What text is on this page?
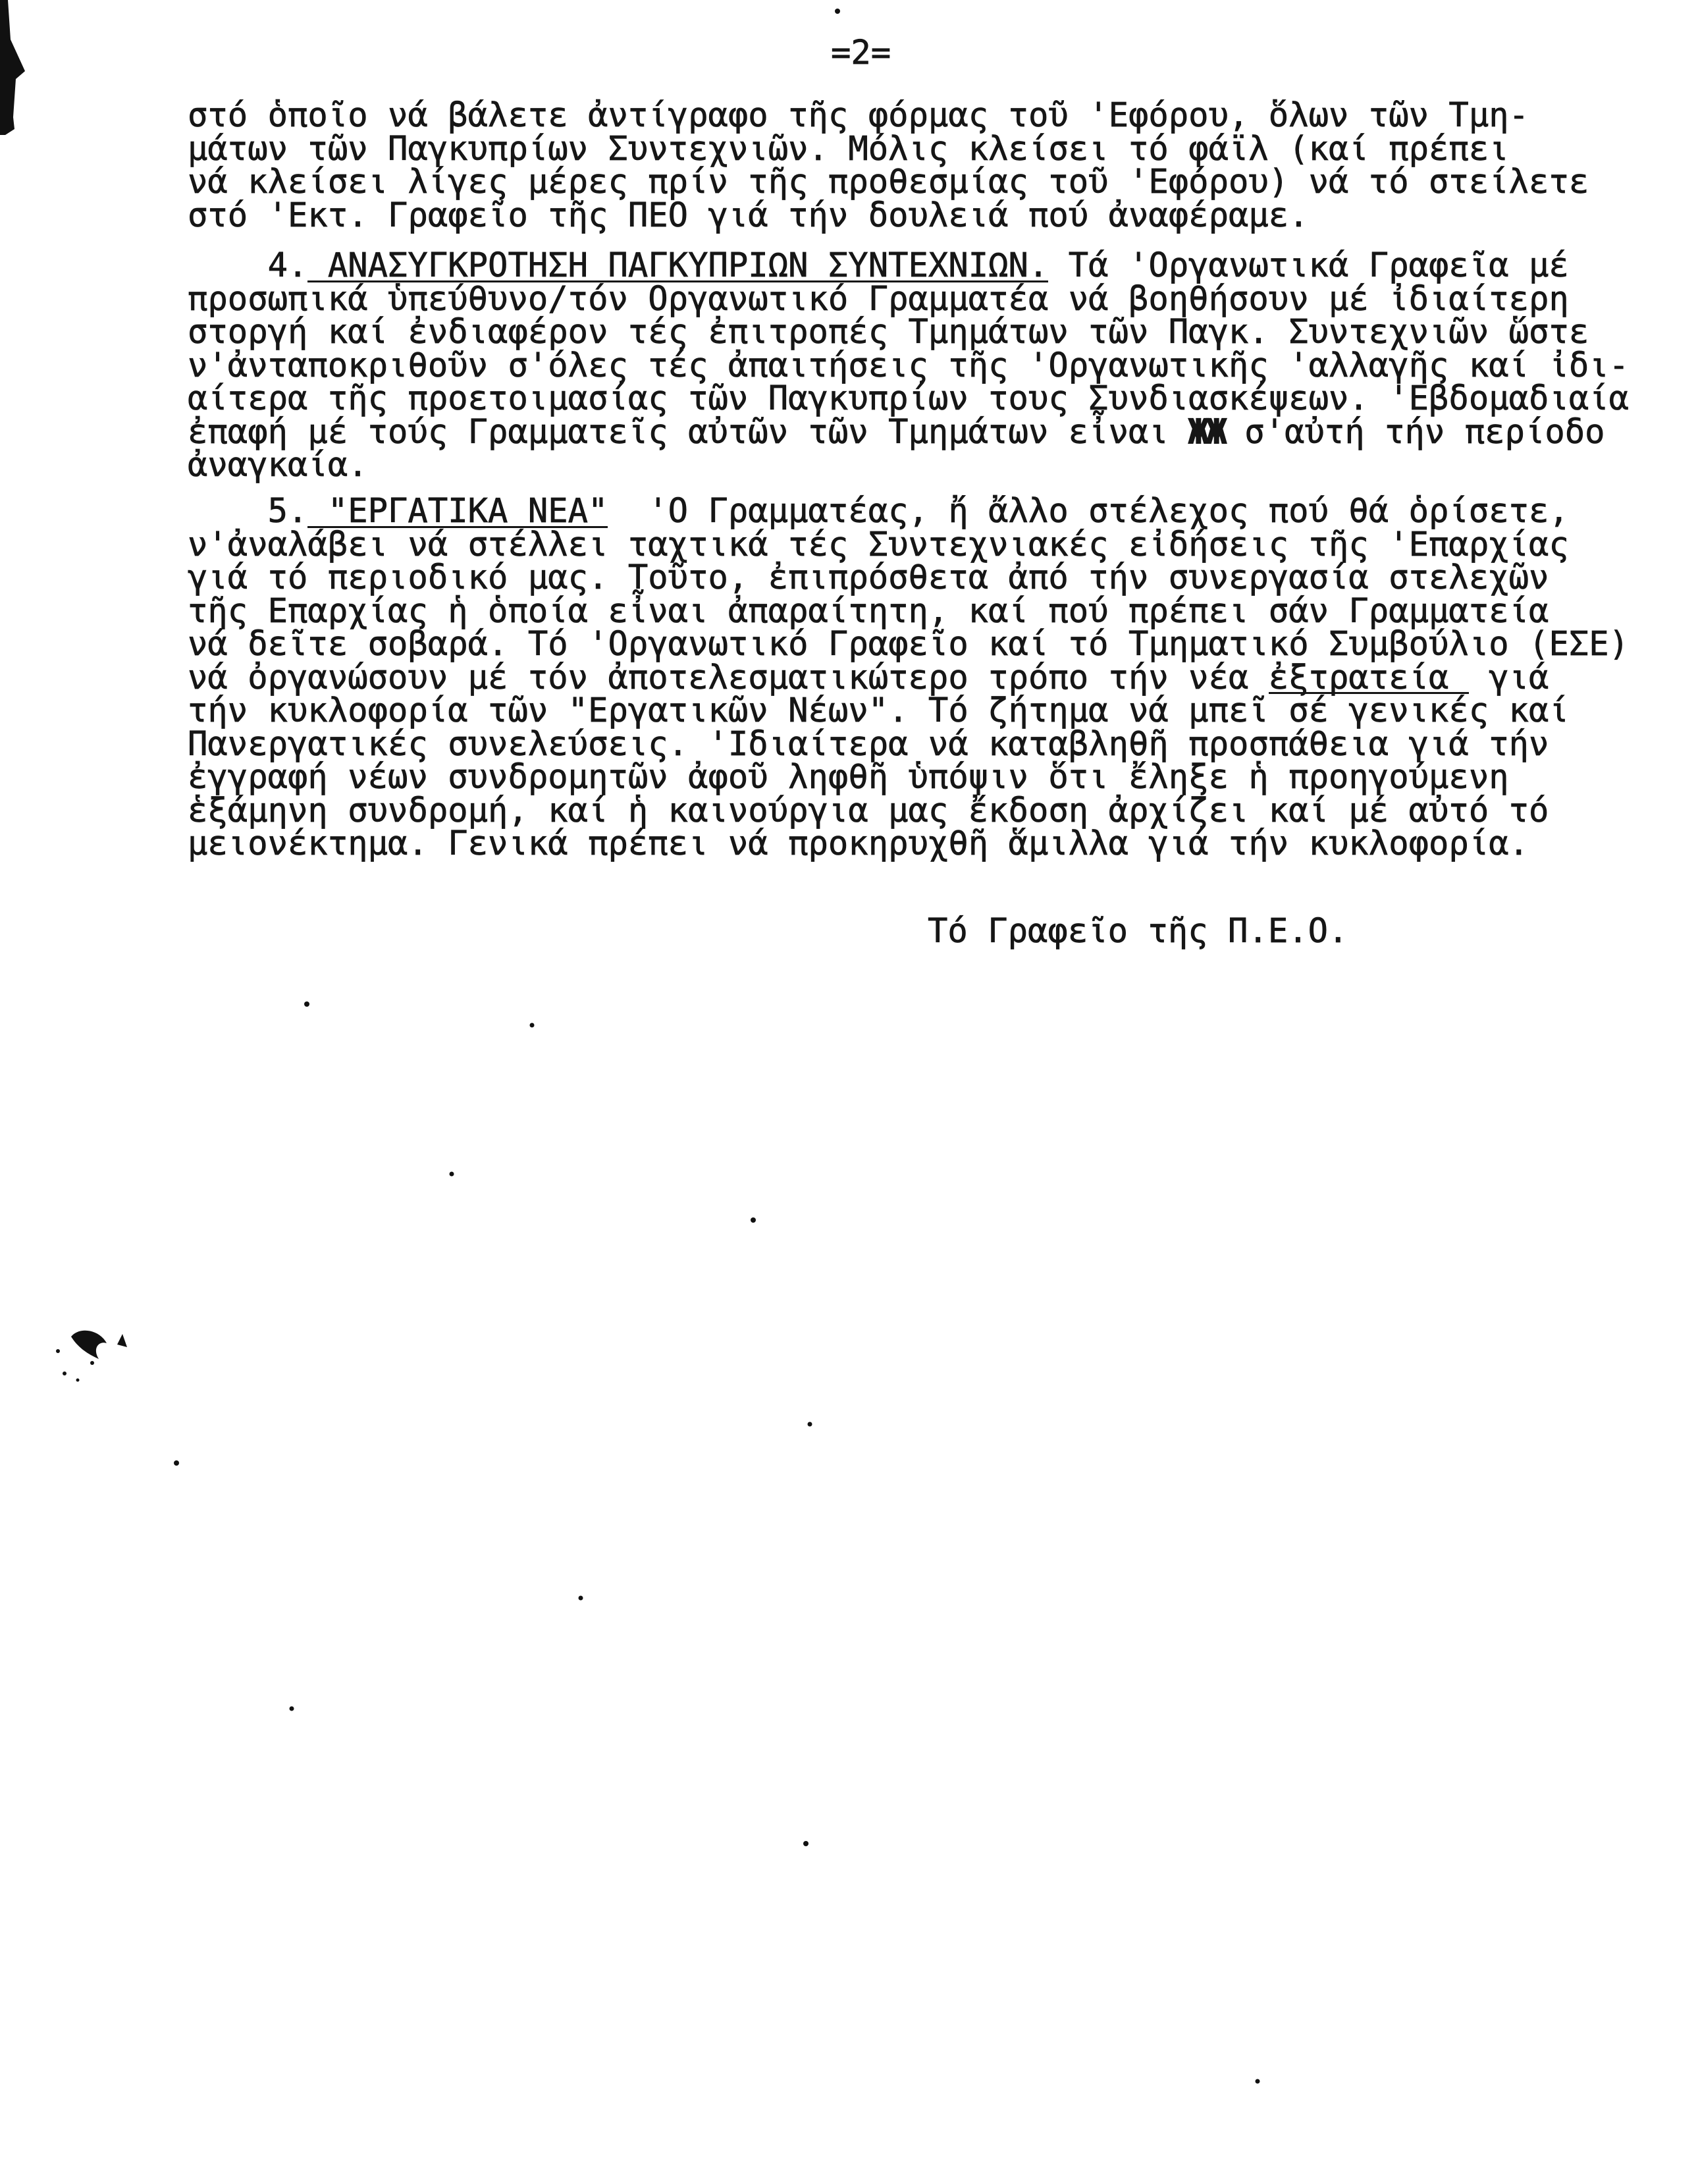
=2=
στό ὁποῖο νά βάλετε ἀντίγραφο τῆς φόρμας τοῦ 'Εφόρου, ὅλων τῶν Τμη-
μάτων τῶν Παγκυπρίων Συντεχνιῶν. Μόλις κλείσει τό φάϊλ (καί πρέπει
νά κλείσει λίγες μέρες πρίν τῆς προθεσμίας τοῦ 'Εφόρου) νά τό στείλετε
στό 'Εκτ. Γραφεῖο τῆς ΠΕΟ γιά τήν δουλειά πού ἀναφέραμε.
4. ΑΝΑΣΥΓΚΡΟΤΗΣΗ ΠΑΓΚΥΠΡΙΩΝ ΣΥΝΤΕΧΝΙΩΝ. Τά 'Οργανωτικά Γραφεῖα μέ
προσωπικά ὑπεύθυνο/τόν Οργανωτικό Γραμματέα νά βοηθήσουν μέ ἰδιαίτερη
στοργή καί ἐνδιαφέρον τές ἐπιτροπές Τμημάτων τῶν Παγκ. Συντεχνιῶν ὥστε
ν'ἀνταποκριθοῦν σ'όλες τές ἀπαιτήσεις τῆς 'Οργανωτικῆς 'αλλαγῆς καί ἰδι-
αίτερα τῆς προετοιμασίας τῶν Παγκυπρίων τους Συνδιασκέψεων. 'Εβδομαδιαία
ἐπαφή μέ τούς Γραμματεῖς αὐτῶν τῶν Τμημάτων εἶναι ЖЖ σ'αὐτή τήν περίοδο
ἀναγκαία.
5. "ΕΡΓΑΤΙΚΑ ΝΕΑ" 'Ο Γραμματέας, ἤ ἄλλο στέλεχος πού θά ὁρίσετε,
ν'ἀναλάβει νά στέλλει ταχτικά τές Συντεχνιακές εἰδήσεις τῆς 'Επαρχίας
γιά τό περιοδικό μας. Τοῦτο, ἐπιπρόσθετα ἀπό τήν συνεργασία στελεχῶν
τῆς Επαρχίας ἡ ὁποία εἶναι ἀπαραίτητη, καί πού πρέπει σάν Γραμματεία
νά δεῖτε σοβαρά. Τό 'Οργανωτικό Γραφεῖο καί τό Τμηματικό Συμβούλιο (ΕΣΕ)
νά ὀργανώσουν μέ τόν ἀποτελεσματικώτερο τρόπο τήν νέα ἐξτρατεία γιά
τήν κυκλοφορία τῶν "Εργατικῶν Νέων". Τό ζήτημα νά μπεῖ σέ γενικές καί
Πανεργατικές συνελεύσεις. 'Ιδιαίτερα νά καταβληθῆ προσπάθεια γιά τήν
ἐγγραφή νέων συνδρομητῶν ἀφοῦ ληφθῆ ὑπόψιν ὅτι ἔληξε ἡ προηγούμενη
ἑξάμηνη συνδρομή, καί ἡ καινούργια μας ἔκδοση ἀρχίζει καί μέ αὐτό τό
μειονέκτημα. Γενικά πρέπει νά προκηρυχθῆ ἅμιλλα γιά τήν κυκλοφορία.
Τό Γραφεῖο τῆς Π.Ε.Ο.
